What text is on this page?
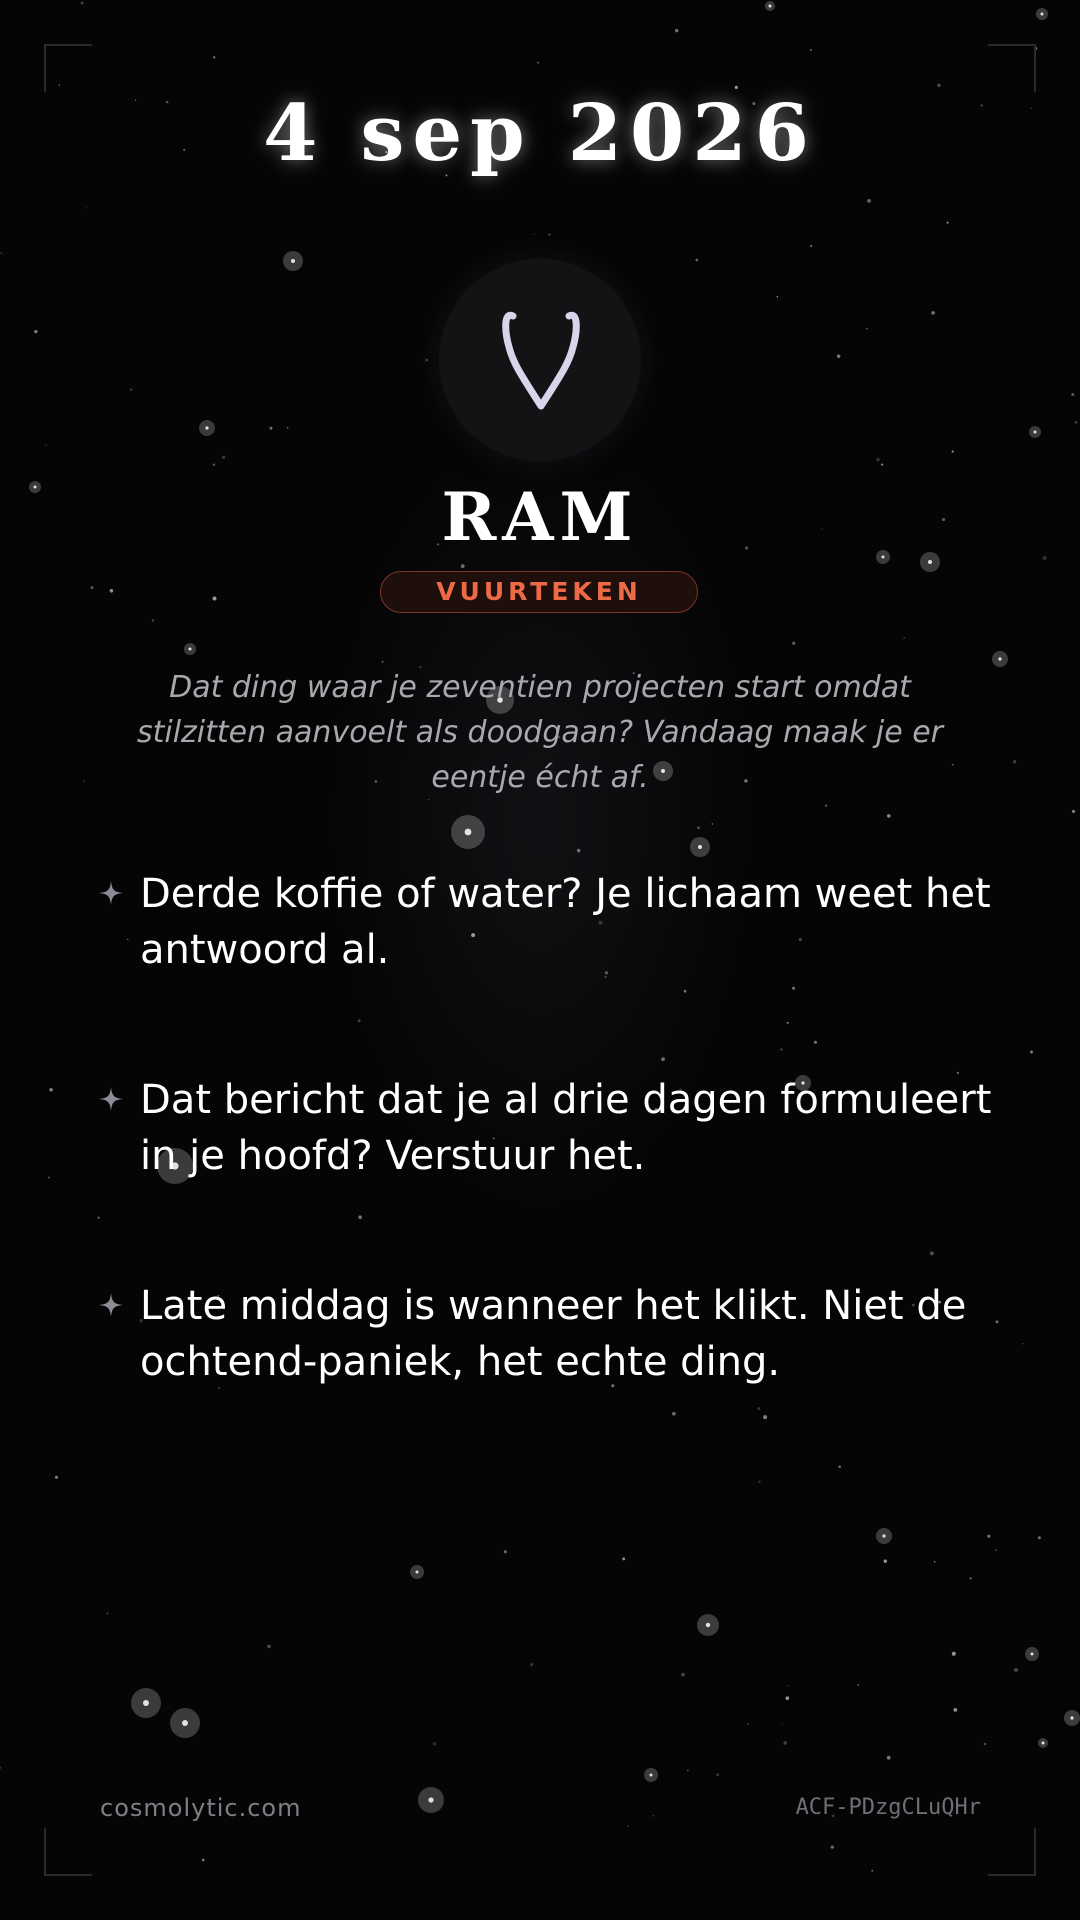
4 sep 2026
RAM
VUURTEKEN
Dat ding waar je zeventien projecten start omdat stilzitten aanvoelt als doodgaan? Vandaag maak je er eentje écht af.
Derde koffie of water? Je lichaam weet het antwoord al.
Dat bericht dat je al drie dagen formuleert in je hoofd? Verstuur het.
Late middag is wanneer het klikt. Niet de ochtend-paniek, het echte ding.
cosmolytic.com	ACF-PDzgCLuQHr
